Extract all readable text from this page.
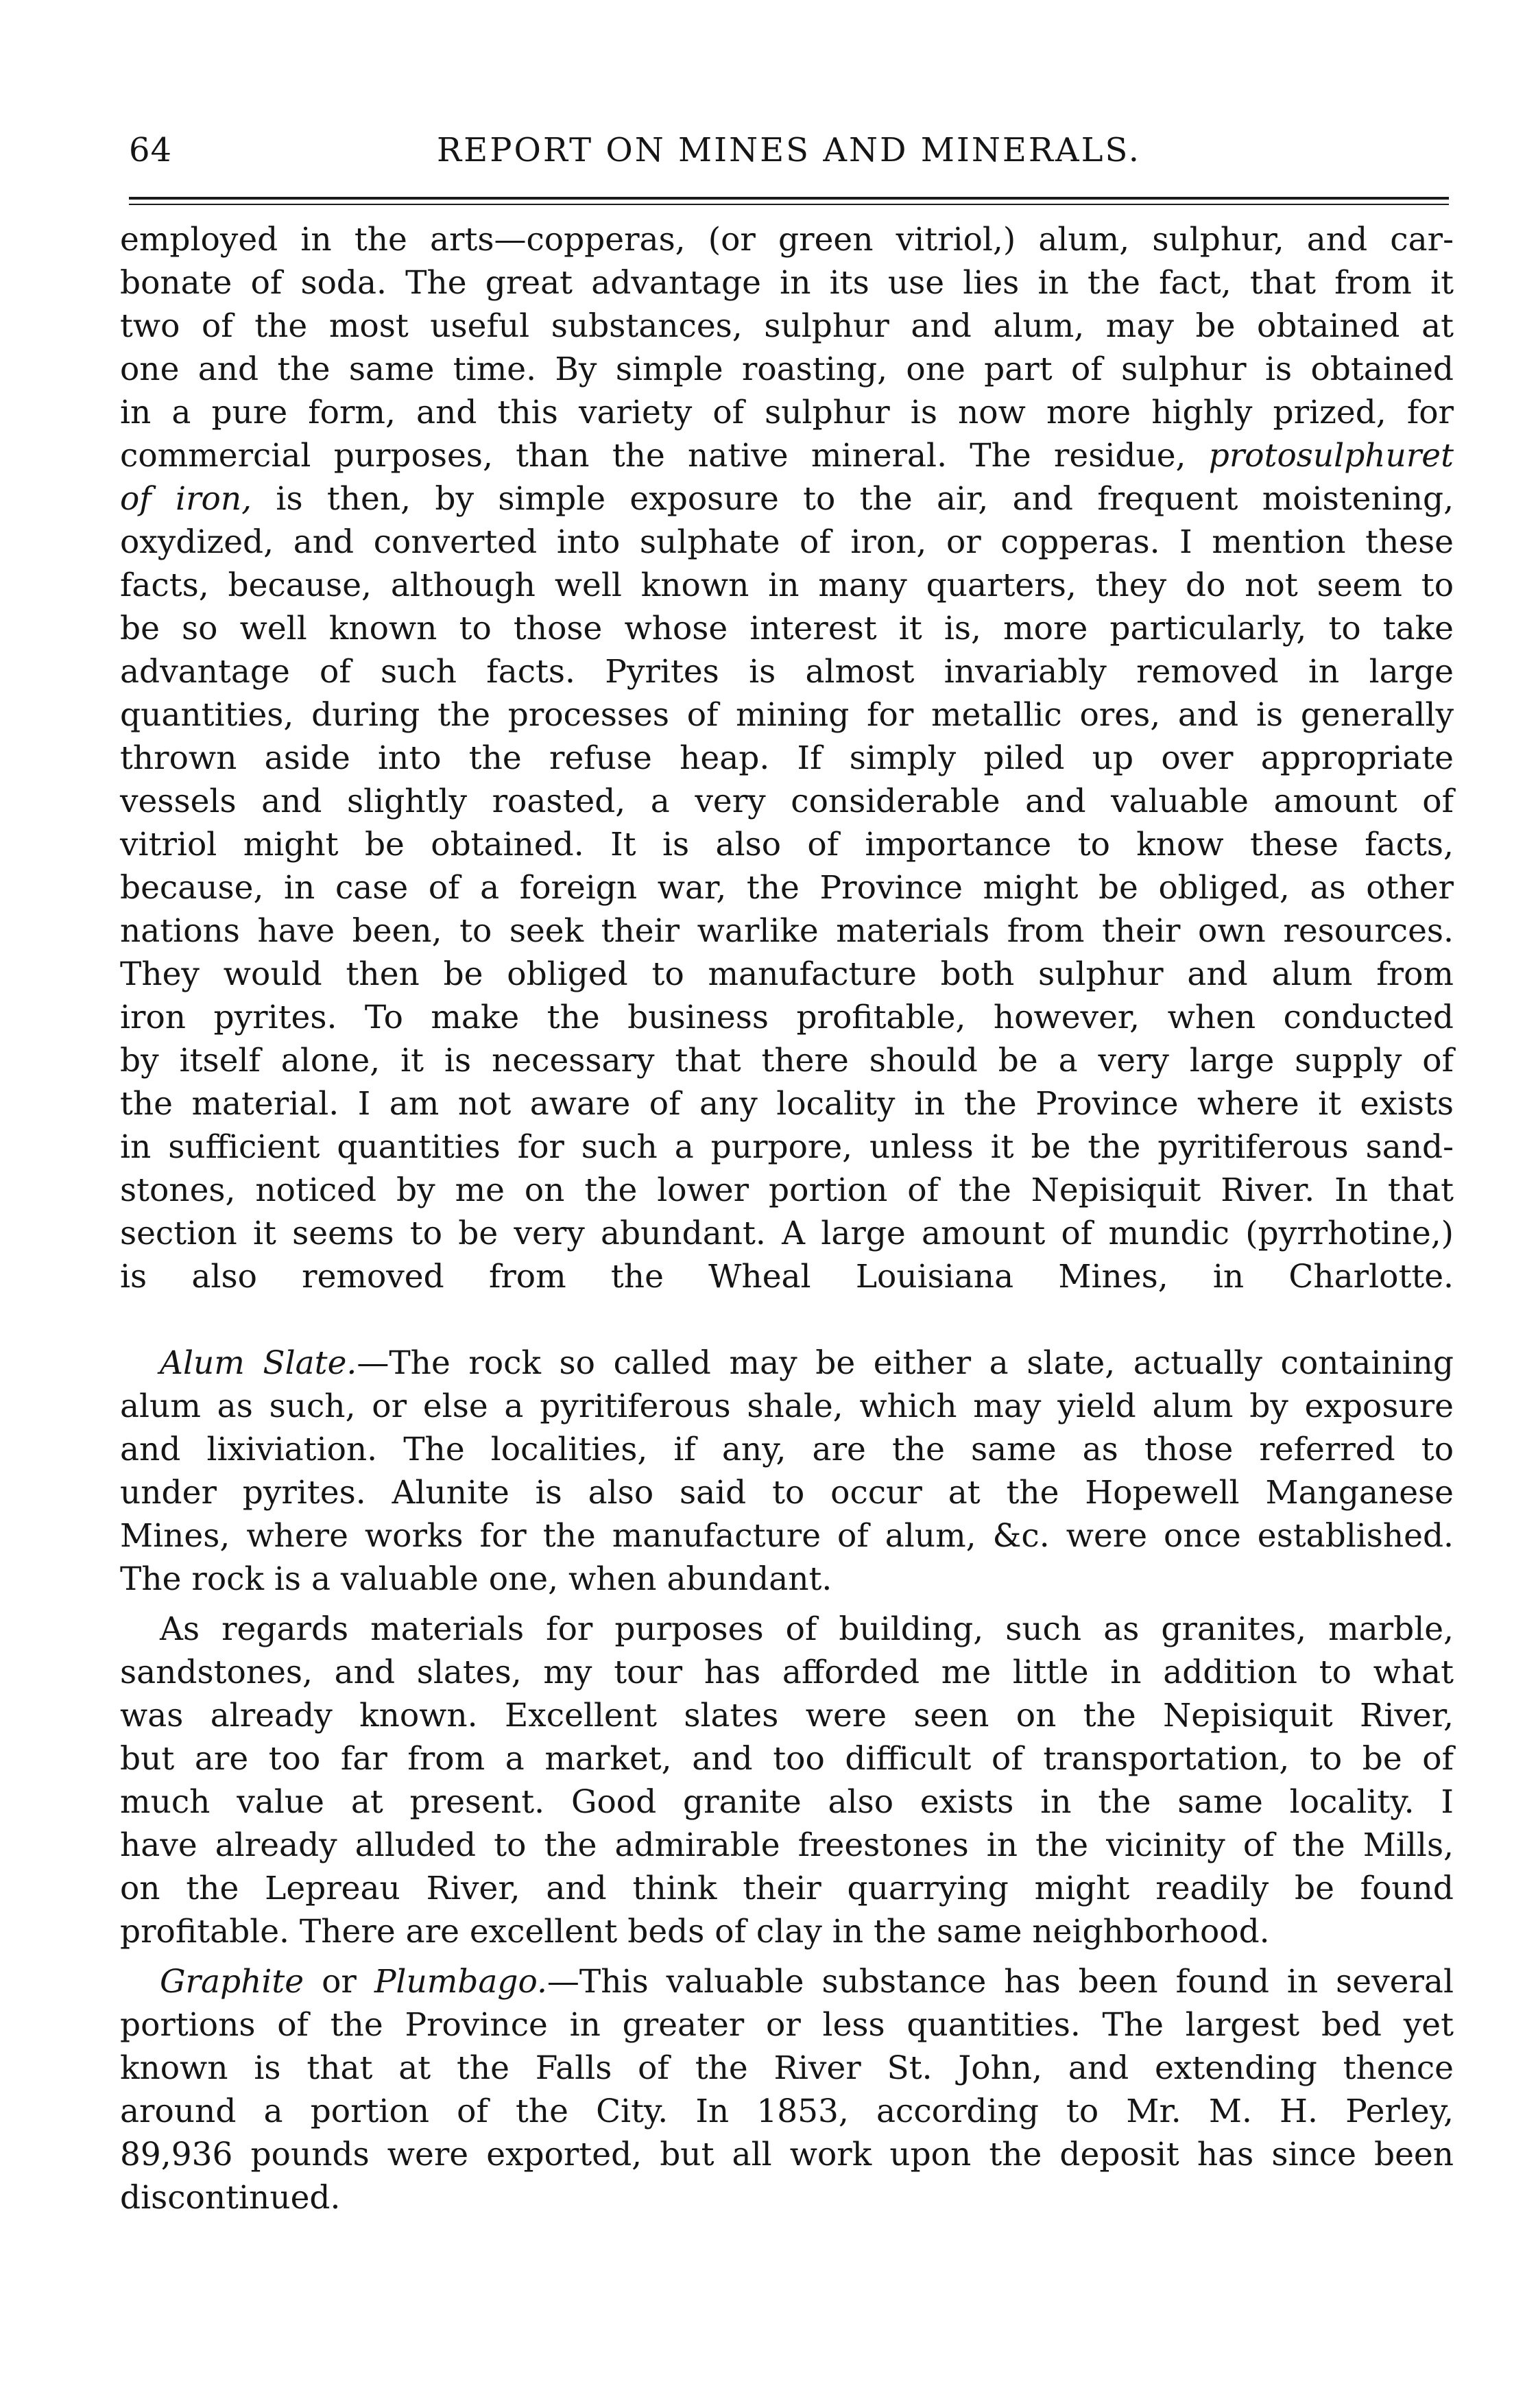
64	REPORT ON MINES AND MINERALS.
employed in the arts—copperas, (or green vitriol,) alum, sulphur, and car-
bonate of soda. The great advantage in its use lies in the fact, that from it
two of the most useful substances, sulphur and alum, may be obtained at
one and the same time. By simple roasting, one part of sulphur is obtained
in a pure form, and this variety of sulphur is now more highly prized, for
commercial purposes, than the native mineral. The residue, protosulphuret
of iron, is then, by simple exposure to the air, and frequent moistening,
oxydized, and converted into sulphate of iron, or copperas. I mention these
facts, because, although well known in many quarters, they do not seem to
be so well known to those whose interest it is, more particularly, to take
advantage of such facts. Pyrites is almost invariably removed in large
quantities, during the processes of mining for metallic ores, and is generally
thrown aside into the refuse heap. If simply piled up over appropriate
vessels and slightly roasted, a very considerable and valuable amount of
vitriol might be obtained. It is also of importance to know these facts,
because, in case of a foreign war, the Province might be obliged, as other
nations have been, to seek their warlike materials from their own resources.
They would then be obliged to manufacture both sulphur and alum from
iron pyrites. To make the business profitable, however, when conducted
by itself alone, it is necessary that there should be a very large supply of
the material. I am not aware of any locality in the Province where it exists
in sufficient quantities for such a purpore, unless it be the pyritiferous sand-
stones, noticed by me on the lower portion of the Nepisiquit River. In that
section it seems to be very abundant. A large amount of mundic (pyrrhotine,)
is also removed from the Wheal Louisiana Mines, in Charlotte.
Alum Slate.—The rock so called may be either a slate, actually containing
alum as such, or else a pyritiferous shale, which may yield alum by exposure
and lixiviation. The localities, if any, are the same as those referred to
under pyrites. Alunite is also said to occur at the Hopewell Manganese
Mines, where works for the manufacture of alum, &c. were once established.
The rock is a valuable one, when abundant.
As regards materials for purposes of building, such as granites, marble,
sandstones, and slates, my tour has afforded me little in addition to what
was already known. Excellent slates were seen on the Nepisiquit River,
but are too far from a market, and too difficult of transportation, to be of
much value at present. Good granite also exists in the same locality. I
have already alluded to the admirable freestones in the vicinity of the Mills,
on the Lepreau River, and think their quarrying might readily be found
profitable. There are excellent beds of clay in the same neighborhood.
Graphite or Plumbago.—This valuable substance has been found in several
portions of the Province in greater or less quantities. The largest bed yet
known is that at the Falls of the River St. John, and extending thence
around a portion of the City. In 1853, according to Mr. M. H. Perley,
89,936 pounds were exported, but all work upon the deposit has since been
discontinued.
